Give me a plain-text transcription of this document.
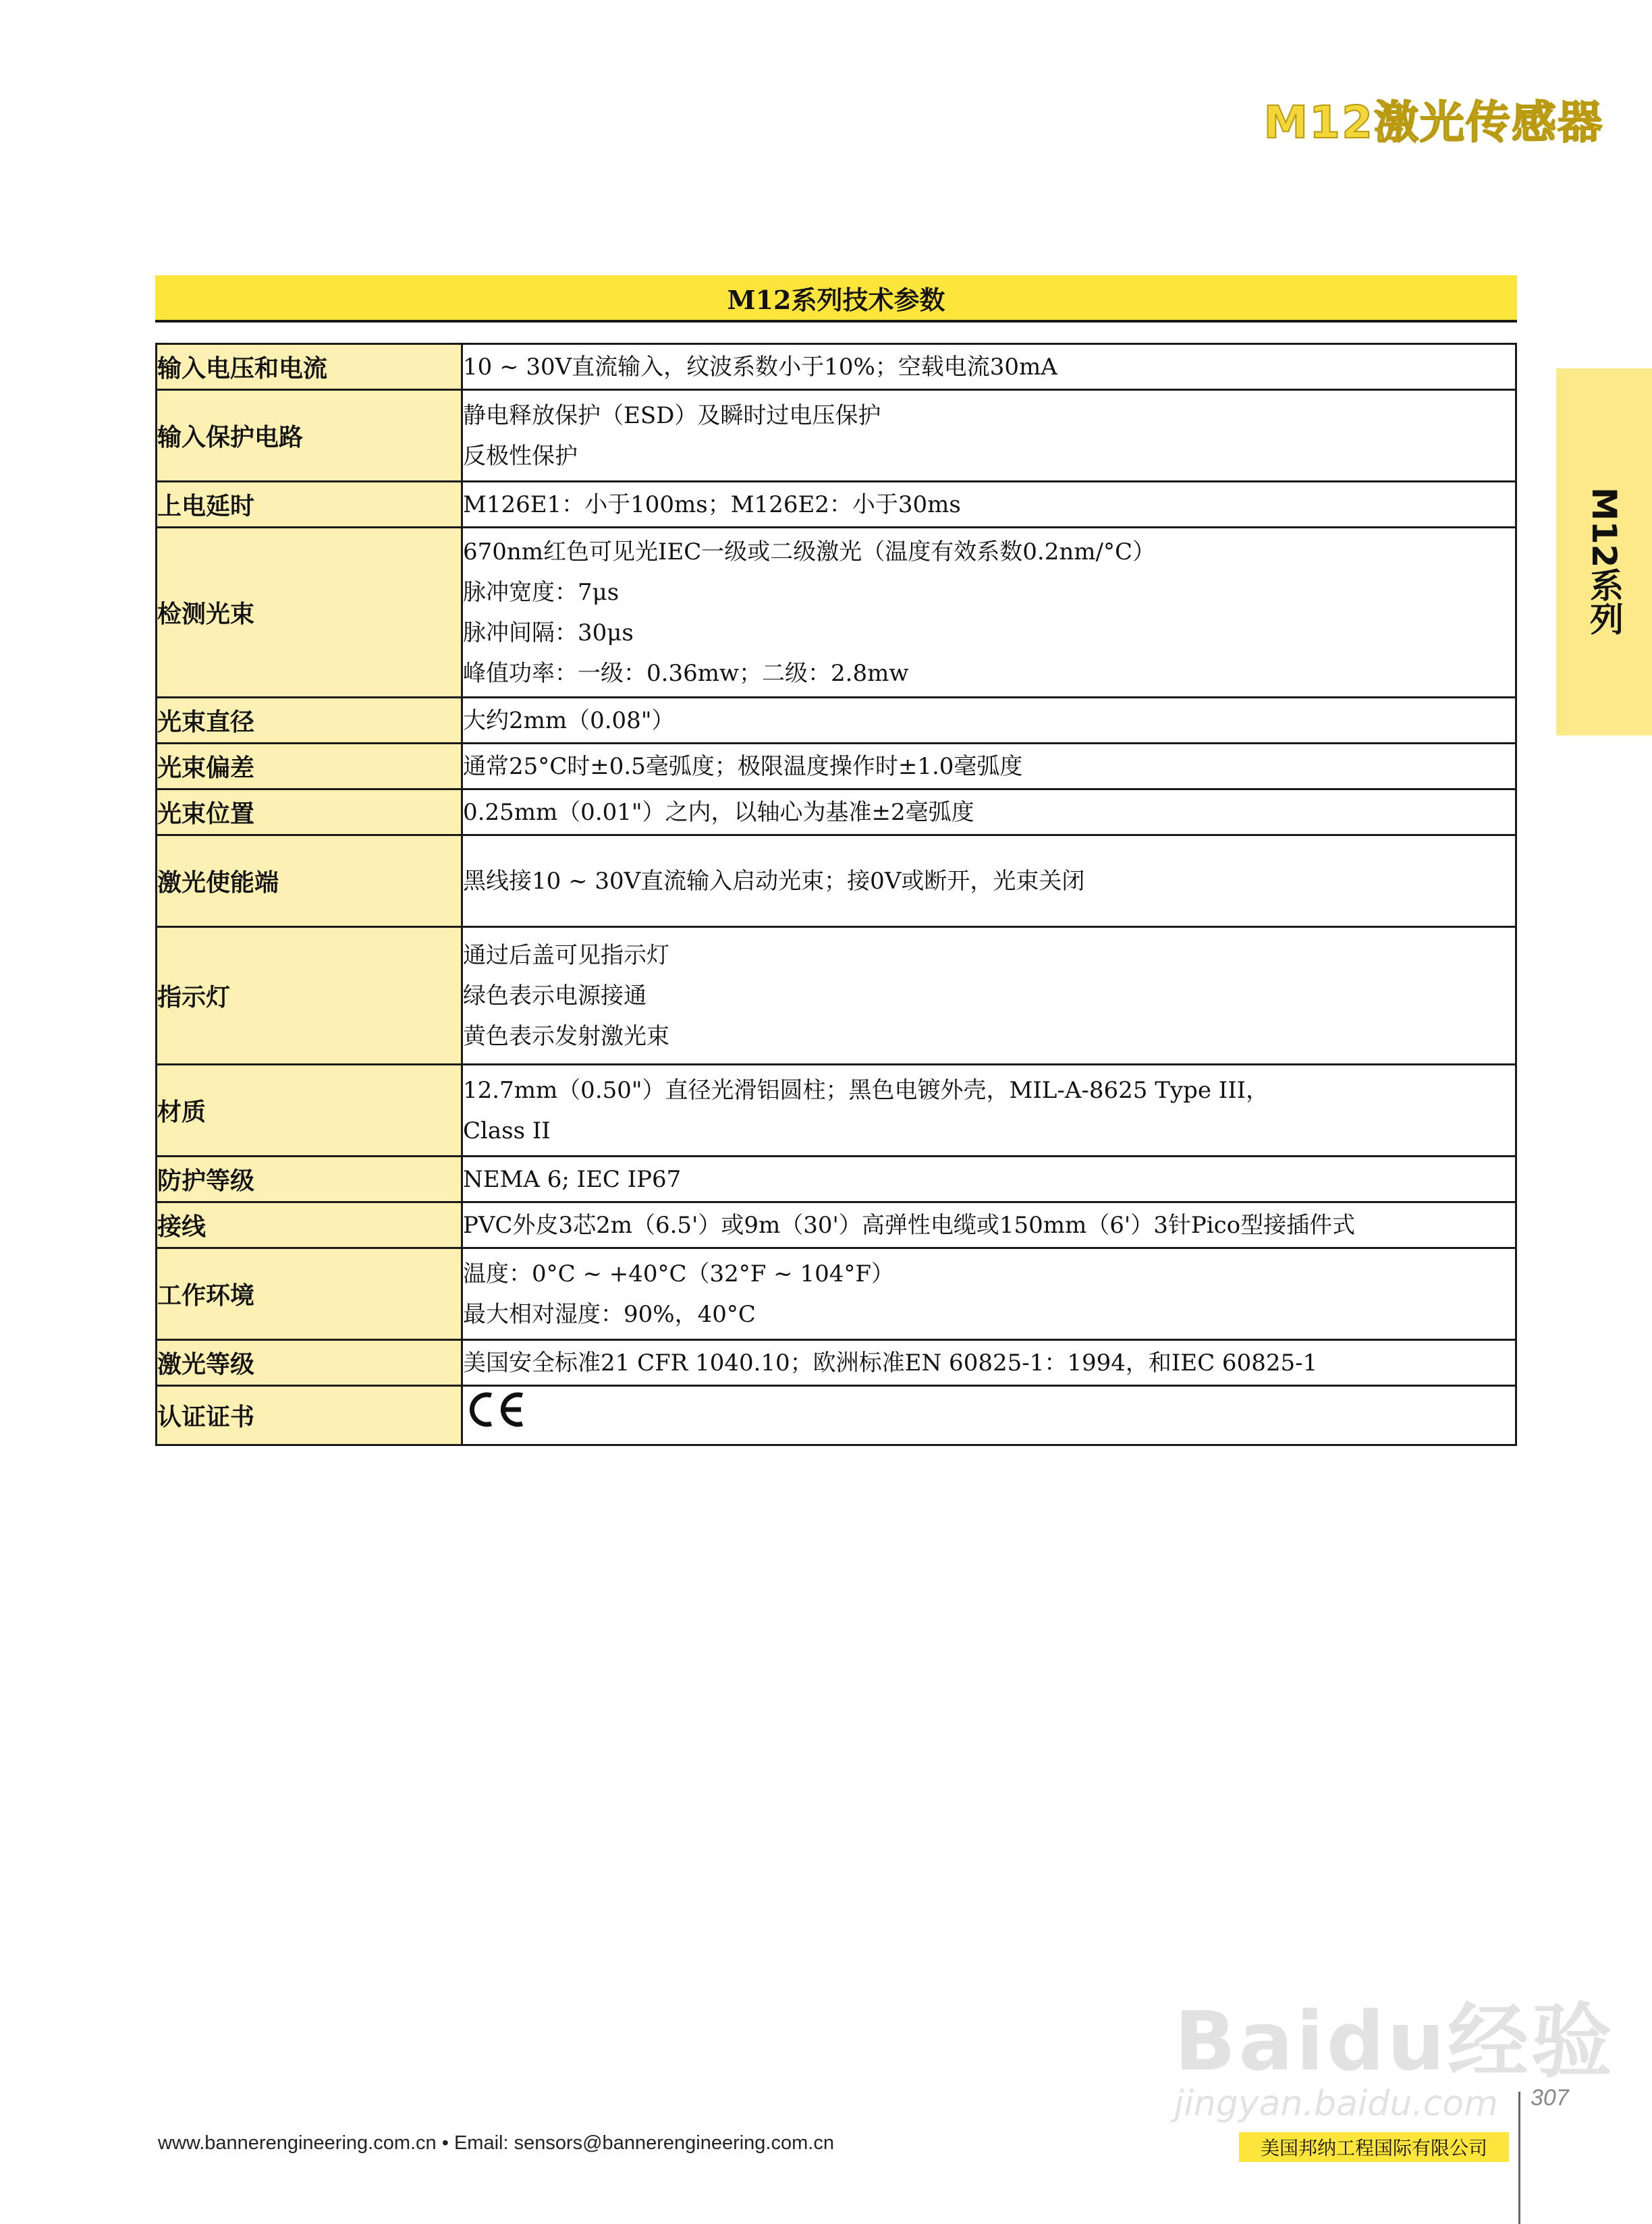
M12激光传感器
M12系列
M12系列技术参数
输入电压和电流	10 ~ 30V直流输入，纹波系数小于10%；空载电流30mA

输入保护电路	静电释放保护（ESD）及瞬时过电压保护
反极性保护

上电延时	M126E1：小于100ms；M126E2：小于30ms

检测光束	670nm红色可见光IEC一级或二级激光（温度有效系数0.2nm/°C）
脉冲宽度：7μs
脉冲间隔：30μs
峰值功率：一级：0.36mw；二级：2.8mw

光束直径	大约2mm（0.08"）

光束偏差	通常25°C时±0.5毫弧度；极限温度操作时±1.0毫弧度

光束位置	0.25mm（0.01"）之内，以轴心为基准±2毫弧度

激光使能端	黑线接10 ~ 30V直流输入启动光束；接0V或断开，光束关闭

指示灯	通过后盖可见指示灯
绿色表示电源接通
黄色表示发射激光束

材质	12.7mm（0.50"）直径光滑铝圆柱；黑色电镀外壳，MIL-A-8625 Type III，
Class II

防护等级	NEMA 6; IEC IP67

接线	PVC外皮3芯2m（6.5'）或9m（30'）高弹性电缆或150mm（6'）3针Pico型接插件式

工作环境	温度：0°C ~ +40°C（32°F ~ 104°F）
最大相对湿度：90%，40°C

激光等级	美国安全标准21 CFR 1040.10；欧洲标准EN 60825-1：1994，和IEC 60825-1

认证证书	
Baidu经验
jingyan.baidu.com
www.bannerengineering.com.cn • Email: sensors@bannerengineering.com.cn
307
美国邦纳工程国际有限公司
